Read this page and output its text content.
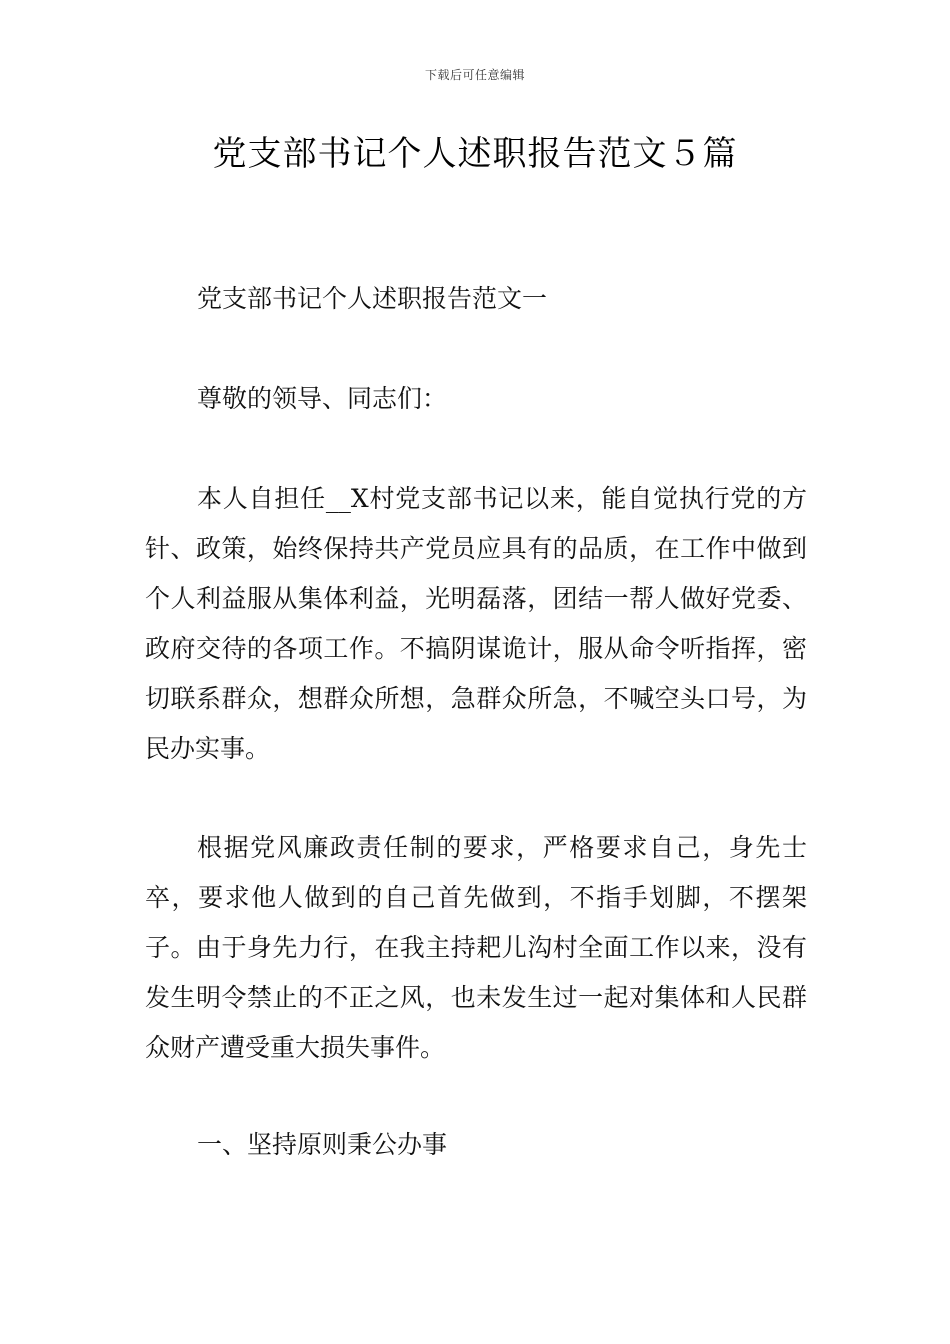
下载后可任意编辑
党支部书记个人述职报告范文５篇

党支部书记个人述职报告范文一

尊敬的领导、同志们：

本人自担任__X村党支部书记以来，能自觉执行党的方针、政策，始终保持共产党员应具有的品质，在工作中做到个人利益服从集体利益，光明磊落，团结一帮人做好党委、政府交待的各项工作。不搞阴谋诡计，服从命令听指挥，密切联系群众，想群众所想，急群众所急，不喊空头口号，为民办实事。

根据党风廉政责任制的要求，严格要求自己，身先士卒，要求他人做到的自己首先做到，不指手划脚，不摆架子。由于身先力行，在我主持耙儿沟村全面工作以来，没有发生明令禁止的不正之风，也未发生过一起对集体和人民群众财产遭受重大损失事件。

一、坚持原则秉公办事
